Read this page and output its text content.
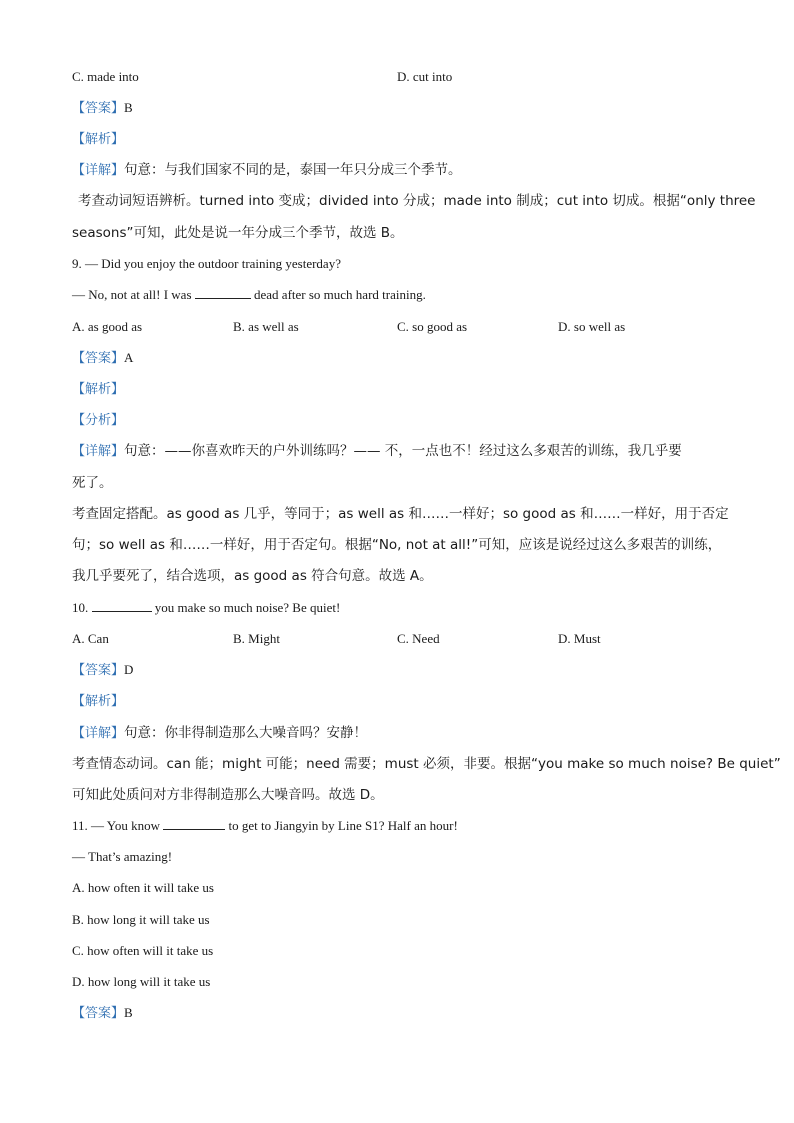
C. made into	D. cut into
【答案】B
【解析】
【详解】句意：与我们国家不同的是，泰国一年只分成三个季节。
考查动词短语辨析。turned into 变成；divided into 分成；made into 制成；cut into 切成。根据“only three
seasons”可知，此处是说一年分成三个季节，故选 B。
9. — Did you enjoy the outdoor training yesterday?
— No, not at all! I was	dead after so much hard training.
A. as good as	B. as well as	C. so good as	D. so well as
【答案】A
【解析】
【分析】
【详解】句意：——你喜欢昨天的户外训练吗？—— 不，一点也不！经过这么多艰苦的训练，我几乎要
死了。
考查固定搭配。as good as 几乎，等同于；as well as 和……一样好；so good as 和……一样好，用于否定
句；so well as 和……一样好，用于否定句。根据“No, not at all!”可知，应该是说经过这么多艰苦的训练，
我几乎要死了，结合选项，as good as 符合句意。故选 A。
10.	you make so much noise? Be quiet!
A. Can	B. Might	C. Need	D. Must
【答案】D
【解析】
【详解】句意：你非得制造那么大噪音吗？安静！
考查情态动词。can 能；might 可能；need 需要；must 必须，非要。根据“you make so much noise? Be quiet”
可知此处质问对方非得制造那么大噪音吗。故选 D。
11. — You know	to get to Jiangyin by Line S1? Half an hour!
— That’s amazing!
A. how often it will take us
B. how long it will take us
C. how often will it take us
D. how long will it take us
【答案】B
